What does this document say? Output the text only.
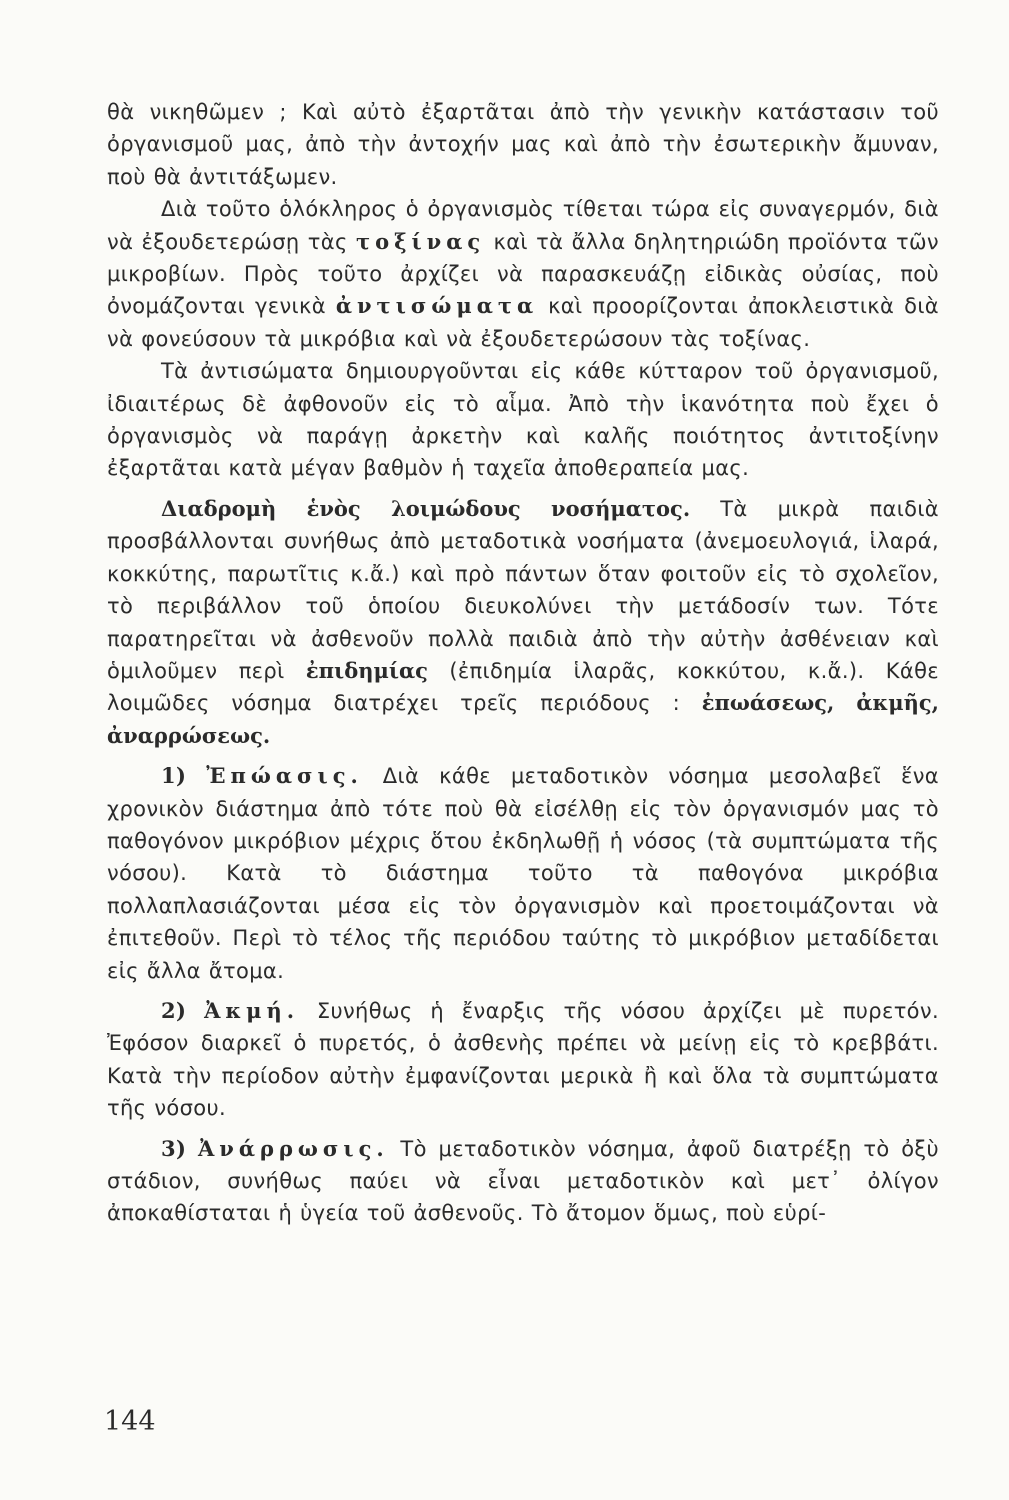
θὰ νικηθῶμεν ; Καὶ αὐτὸ ἐξαρτᾶται ἀπὸ τὴν γενικὴν κατάστασιν τοῦ ὀργανισμοῦ μας, ἀπὸ τὴν ἀντοχήν μας καὶ ἀπὸ τὴν ἐσωτερικὴν ἄμυναν, ποὺ θὰ ἀντιτάξωμεν.

Διὰ τοῦτο ὁλόκληρος ὁ ὀργανισμὸς τίθεται τώρα εἰς συναγερμόν, διὰ νὰ ἐξουδετερώσῃ τὰς τοξίνας καὶ τὰ ἄλλα δηλητηριώδη προϊόντα τῶν μικροβίων. Πρὸς τοῦτο ἀρχίζει νὰ παρασκευάζῃ εἰδικὰς οὐσίας, ποὺ ὀνομάζονται γενικὰ ἀντισώματα καὶ προορίζονται ἀποκλειστικὰ διὰ νὰ φονεύσουν τὰ μικρόβια καὶ νὰ ἐξουδετερώσουν τὰς τοξίνας.

Τὰ ἀντισώματα δημιουργοῦνται εἰς κάθε κύτταρον τοῦ ὀργανισμοῦ, ἰδιαιτέρως δὲ ἀφθονοῦν εἰς τὸ αἷμα. Ἀπὸ τὴν ἱκανότητα ποὺ ἔχει ὁ ὀργανισμὸς νὰ παράγῃ ἀρκετὴν καὶ καλῆς ποιότητος ἀντιτοξίνην ἐξαρτᾶται κατὰ μέγαν βαθμὸν ἡ ταχεῖα ἀποθεραπεία μας.

Διαδρομὴ ἑνὸς λοιμώδους νοσήματος. Τὰ μικρὰ παιδιὰ προσβάλλονται συνήθως ἀπὸ μεταδοτικὰ νοσήματα (ἀνεμοευλογιά, ἱλαρά, κοκκύτης, παρωτῖτις κ.ἄ.) καὶ πρὸ πάντων ὅταν φοιτοῦν εἰς τὸ σχολεῖον, τὸ περιβάλλον τοῦ ὁποίου διευκολύνει τὴν μετάδοσίν των. Τότε παρατηρεῖται νὰ ἀσθενοῦν πολλὰ παιδιὰ ἀπὸ τὴν αὐτὴν ἀσθένειαν καὶ ὁμιλοῦμεν περὶ ἐπιδημίας (ἐπιδημία ἱλαρᾶς, κοκκύτου, κ.ἄ.). Κάθε λοιμῶδες νόσημα διατρέχει τρεῖς περιόδους : ἐπωάσεως, ἀκμῆς, ἀναρρώσεως.

1) Ἐπώασις. Διὰ κάθε μεταδοτικὸν νόσημα μεσολαβεῖ ἕνα χρονικὸν διάστημα ἀπὸ τότε ποὺ θὰ εἰσέλθῃ εἰς τὸν ὀργανισμόν μας τὸ παθογόνον μικρόβιον μέχρις ὅτου ἐκδηλωθῇ ἡ νόσος (τὰ συμπτώματα τῆς νόσου). Κατὰ τὸ διάστημα τοῦτο τὰ παθογόνα μικρόβια πολλαπλασιάζονται μέσα εἰς τὸν ὀργανισμὸν καὶ προετοιμάζονται νὰ ἐπιτεθοῦν. Περὶ τὸ τέλος τῆς περιόδου ταύτης τὸ μικρόβιον μεταδίδεται εἰς ἄλλα ἄτομα.

2) Ἀκμή. Συνήθως ἡ ἔναρξις τῆς νόσου ἀρχίζει μὲ πυρετόν. Ἐφόσον διαρκεῖ ὁ πυρετός, ὁ ἀσθενὴς πρέπει νὰ μείνῃ εἰς τὸ κρεββάτι. Κατὰ τὴν περίοδον αὐτὴν ἐμφανίζονται μερικὰ ἢ καὶ ὅλα τὰ συμπτώματα τῆς νόσου.

3) Ἀνάρρωσις. Τὸ μεταδοτικὸν νόσημα, ἀφοῦ διατρέξῃ τὸ ὀξὺ στάδιον, συνήθως παύει νὰ εἶναι μεταδοτικὸν καὶ μετ᾽ ὀλίγον ἀποκαθίσταται ἡ ὑγεία τοῦ ἀσθενοῦς. Τὸ ἄτομον ὅμως, ποὺ εὑρί-

144
